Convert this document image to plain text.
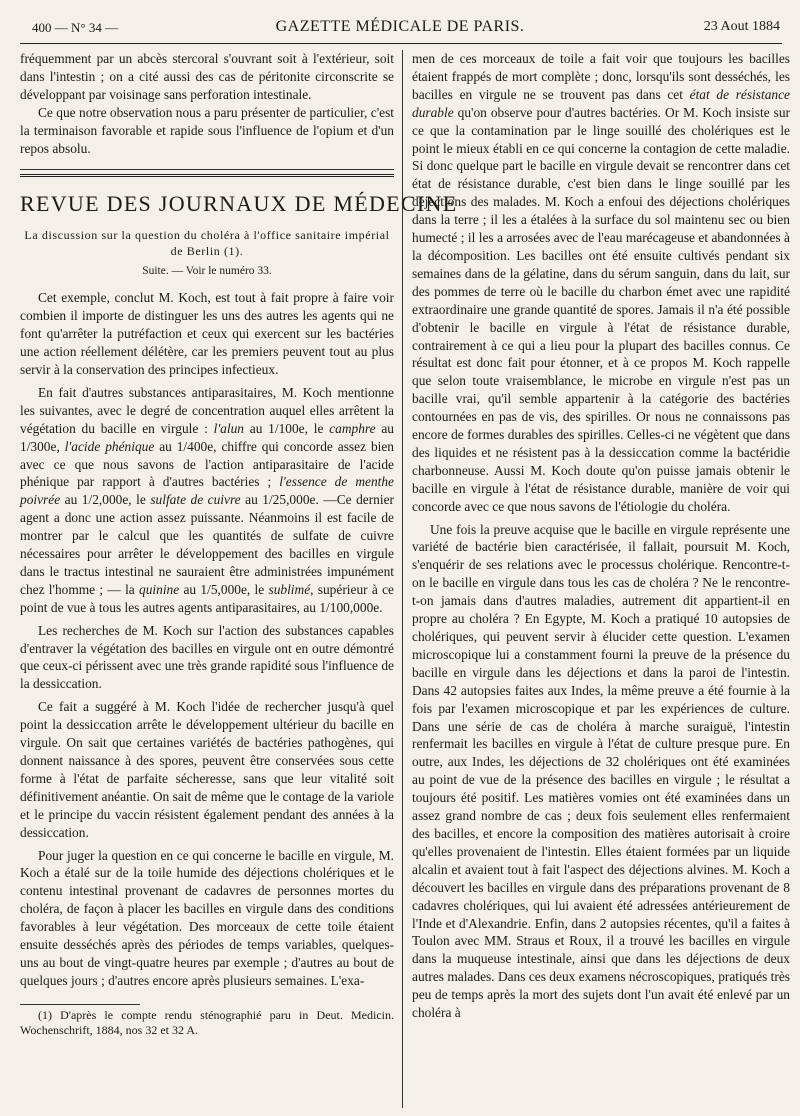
400 — N° 34 —	GAZETTE MÉDICALE DE PARIS.	23 Aout 1884

fréquemment par un abcès stercoral s'ouvrant soit à l'extérieur, soit dans l'intestin ; on a cité aussi des cas de péritonite circonscrite se développant par voisinage sans perforation intestinale.

Ce que notre observation nous a paru présenter de particulier, c'est la terminaison favorable et rapide sous l'influence de l'opium et d'un repos absolu.

REVUE DES JOURNAUX DE MÉDECINE

La discussion sur la question du choléra à l'office sanitaire impérial de Berlin (1).

Suite. — Voir le numéro 33.

Cet exemple, conclut M. Koch, est tout à fait propre à faire voir combien il importe de distinguer les uns des autres les agents qui ne font qu'arrêter la putréfaction et ceux qui exercent sur les bactéries une action réellement délétère, car les premiers peuvent tout au plus servir à la conservation des principes infectieux.

En fait d'autres substances antiparasitaires, M. Koch mentionne les suivantes, avec le degré de concentration auquel elles arrêtent la végétation du bacille en virgule : l'alun au 1/100e, le camphre au 1/300e, l'acide phénique au 1/400e, chiffre qui concorde assez bien avec ce que nous savons de l'action antiparasitaire de l'acide phénique par rapport à d'autres bactéries ; l'essence de menthe poivrée au 1/2,000e, le sulfate de cuivre au 1/25,000e. —Ce dernier agent a donc une action assez puissante. Néanmoins il est facile de montrer par le calcul que les quantités de sulfate de cuivre nécessaires pour arrêter le développement des bacilles en virgule dans le tractus intestinal ne sauraient être administrées impunément chez l'homme ; — la quinine au 1/5,000e, le sublimé, supérieur à ce point de vue à tous les autres agents antiparasitaires, au 1/100,000e.

Les recherches de M. Koch sur l'action des substances capables d'entraver la végétation des bacilles en virgule ont en outre démontré que ceux-ci périssent avec une très grande rapidité sous l'influence de la dessiccation.

Ce fait a suggéré à M. Koch l'idée de rechercher jusqu'à quel point la dessiccation arrête le développement ultérieur du bacille en virgule. On sait que certaines variétés de bactéries pathogènes, qui donnent naissance à des spores, peuvent être conservées sous cette forme à l'état de parfaite sécheresse, sans que leur vitalité soit définitivement anéantie. On sait de même que le contage de la variole et le principe du vaccin résistent également pendant des années à la dessiccation.

Pour juger la question en ce qui concerne le bacille en virgule, M. Koch a étalé sur de la toile humide des déjections cholériques et le contenu intestinal provenant de cadavres de personnes mortes du choléra, de façon à placer les bacilles en virgule dans des conditions favorables à leur végétation. Des morceaux de cette toile étaient ensuite desséchés après des périodes de temps variables, quelques-uns au bout de vingt-quatre heures par exemple ; d'autres au bout de quelques jours ; d'autres encore après plusieurs semaines. L'exa-

(1) D'après le compte rendu sténographié paru in Deut. Medicin. Wochenschrift, 1884, nos 32 et 32 A.

men de ces morceaux de toile a fait voir que toujours les bacilles étaient frappés de mort complète ; donc, lorsqu'ils sont desséchés, les bacilles en virgule ne se trouvent pas dans cet état de résistance durable qu'on observe pour d'autres bactéries. Or M. Koch insiste sur ce que la contamination par le linge souillé des cholériques est le point le mieux établi en ce qui concerne la contagion de cette maladie. Si donc quelque part le bacille en virgule devait se rencontrer dans cet état de résistance durable, c'est bien dans le linge souillé par les déjections des malades. M. Koch a enfoui des déjections cholériques dans la terre ; il les a étalées à la surface du sol maintenu sec ou bien humecté ; il les a arrosées avec de l'eau marécageuse et abandonnées à la décomposition. Les bacilles ont été ensuite cultivés pendant six semaines dans de la gélatine, dans du sérum sanguin, dans du lait, sur des pommes de terre où le bacille du charbon émet avec une rapidité extraordinaire une grande quantité de spores. Jamais il n'a été possible d'obtenir le bacille en virgule à l'état de résistance durable, contrairement à ce qui a lieu pour la plupart des bacilles connus. Ce résultat est donc fait pour étonner, et à ce propos M. Koch rappelle que selon toute vraisemblance, le microbe en virgule n'est pas un bacille vrai, qu'il semble appartenir à la catégorie des bactéries contournées en pas de vis, des spirilles. Or nous ne connaissons pas encore de formes durables des spirilles. Celles-ci ne végètent que dans des liquides et ne résistent pas à la dessiccation comme la bactéridie charbonneuse. Aussi M. Koch doute qu'on puisse jamais obtenir le bacille en virgule à l'état de résistance durable, manière de voir qui concorde avec ce que nous savons de l'étiologie du choléra.

Une fois la preuve acquise que le bacille en virgule représente une variété de bactérie bien caractérisée, il fallait, poursuit M. Koch, s'enquérir de ses relations avec le processus cholérique. Rencontre-t-on le bacille en virgule dans tous les cas de choléra ? Ne le rencontre-t-on jamais dans d'autres maladies, autrement dit appartient-il en propre au choléra ? En Egypte, M. Koch a pratiqué 10 autopsies de cholériques, qui peuvent servir à élucider cette question. L'examen microscopique lui a constamment fourni la preuve de la présence du bacille en virgule dans les déjections et dans la paroi de l'intestin. Dans 42 autopsies faites aux Indes, la même preuve a été fournie à la fois par l'examen microscopique et par les expériences de culture. Dans une série de cas de choléra à marche suraiguë, l'intestin renfermait les bacilles en virgule à l'état de culture presque pure. En outre, aux Indes, les déjections de 32 cholériques ont été examinées au point de vue de la présence des bacilles en virgule ; le résultat a toujours été positif. Les matières vomies ont été examinées dans un assez grand nombre de cas ; deux fois seulement elles renfermaient des bacilles, et encore la composition des matières autorisait à croire qu'elles provenaient de l'intestin. Elles étaient formées par un liquide alcalin et avaient tout à fait l'aspect des déjections alvines. M. Koch a découvert les bacilles en virgule dans des préparations provenant de 8 cadavres cholériques, qui lui avaient été adressées antérieurement de l'Inde et d'Alexandrie. Enfin, dans 2 autopsies récentes, qu'il a faites à Toulon avec MM. Straus et Roux, il a trouvé les bacilles en virgule dans la muqueuse intestinale, ainsi que dans les déjections de deux autres malades. Dans ces deux examens nécroscopiques, pratiqués très peu de temps après la mort des sujets dont l'un avait été enlevé par un choléra à
